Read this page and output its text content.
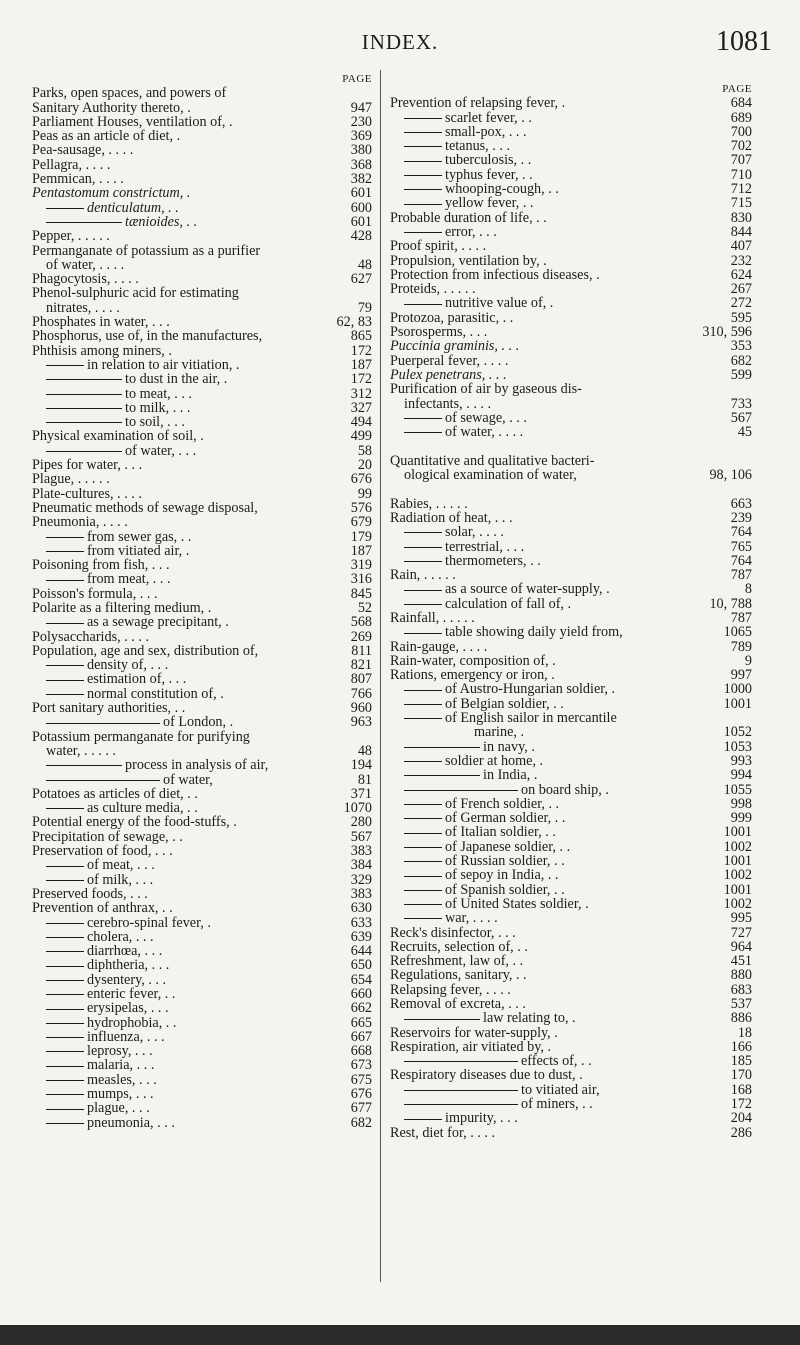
INDEX.	1081
PAGE
Parks, open spaces, and powers of
Sanitary Authority thereto, .	947
Parliament Houses, ventilation of, .	230
Peas as an article of diet, .	369
Pea-sausage, . . . .	380
Pellagra, . . . .	368
Pemmican, . . . .	382
Pentastomum constrictum, .	601
denticulatum, . .	600
tænioides, . .	601
Pepper, . . . . .	428
Permanganate of potassium as a purifier
of water, . . . .	48
Phagocytosis, . . . .	627
Phenol-sulphuric acid for estimating
nitrates, . . . .	79
Phosphates in water, . . .	62, 83
Phosphorus, use of, in the manufactures,	865
Phthisis among miners, .	172
in relation to air vitiation, .	187
to dust in the air, .	172
to meat, . . .	312
to milk, . . .	327
to soil, . . .	494
Physical examination of soil, .	499
of water, . . .	58
Pipes for water, . . .	20
Plague, . . . . .	676
Plate-cultures, . . . .	99
Pneumatic methods of sewage disposal,	576
Pneumonia, . . . .	679
from sewer gas, . .	179
from vitiated air, .	187
Poisoning from fish, . . .	319
from meat, . . .	316
Poisson's formula, . . .	845
Polarite as a filtering medium, .	52
as a sewage precipitant, .	568
Polysaccharids, . . . .	269
Population, age and sex, distribution of,	811
density of, . . .	821
estimation of, . . .	807
normal constitution of, .	766
Port sanitary authorities, . .	960
of London, .	963
Potassium permanganate for purifying
water, . . . . .	48
process in analysis of air,	194
of water,	81
Potatoes as articles of diet, . .	371
as culture media, . .	1070
Potential energy of the food-stuffs, .	280
Precipitation of sewage, . .	567
Preservation of food, . . .	383
of meat, . . .	384
of milk, . . .	329
Preserved foods, . . .	383
Prevention of anthrax, . .	630
cerebro-spinal fever, .	633
cholera, . . .	639
diarrhœa, . . .	644
diphtheria, . . .	650
dysentery, . . .	654
enteric fever, . .	660
erysipelas, . . .	662
hydrophobia, . .	665
influenza, . . .	667
leprosy, . . .	668
malaria, . . .	673
measles, . . .	675
mumps, . . .	676
plague, . . .	677
pneumonia, . . .	682
PAGE
Prevention of relapsing fever, .	684
scarlet fever, . .	689
small-pox, . . .	700
tetanus, . . .	702
tuberculosis, . .	707
typhus fever, . .	710
whooping-cough, . .	712
yellow fever, . .	715
Probable duration of life, . .	830
error, . . .	844
Proof spirit, . . . .	407
Propulsion, ventilation by, .	232
Protection from infectious diseases, .	624
Proteids, . . . . .	267
nutritive value of, .	272
Protozoa, parasitic, . .	595
Psorosperms, . . .	310, 596
Puccinia graminis, . . .	353
Puerperal fever, . . . .	682
Pulex penetrans, . . .	599
Purification of air by gaseous dis-
infectants, . . . .	733
of sewage, . . .	567
of water, . . . .	45
Quantitative and qualitative bacteri-
ological examination of water,	98, 106
Rabies, . . . . .	663
Radiation of heat, . . .	239
solar, . . . .	764
terrestrial, . . .	765
thermometers, . .	764
Rain, . . . . .	787
as a source of water-supply, .	8
calculation of fall of, .	10, 788
Rainfall, . . . . .	787
table showing daily yield from,	1065
Rain-gauge, . . . .	789
Rain-water, composition of, .	9
Rations, emergency or iron, .	997
of Austro-Hungarian soldier, .	1000
of Belgian soldier, . .	1001
of English sailor in mercantile
marine, .	1052
in navy, .	1053
soldier at home, .	993
in India, .	994
on board ship, .	1055
of French soldier, . .	998
of German soldier, . .	999
of Italian soldier, . .	1001
of Japanese soldier, . .	1002
of Russian soldier, . .	1001
of sepoy in India, . .	1002
of Spanish soldier, . .	1001
of United States soldier, .	1002
war, . . . .	995
Reck's disinfector, . . .	727
Recruits, selection of, . .	964
Refreshment, law of, . .	451
Regulations, sanitary, . .	880
Relapsing fever, . . . .	683
Removal of excreta, . . .	537
law relating to, .	886
Reservoirs for water-supply, .	18
Respiration, air vitiated by, .	166
effects of, . .	185
Respiratory diseases due to dust, .	170
to vitiated air,	168
of miners, . .	172
impurity, . . .	204
Rest, diet for, . . . .	286
